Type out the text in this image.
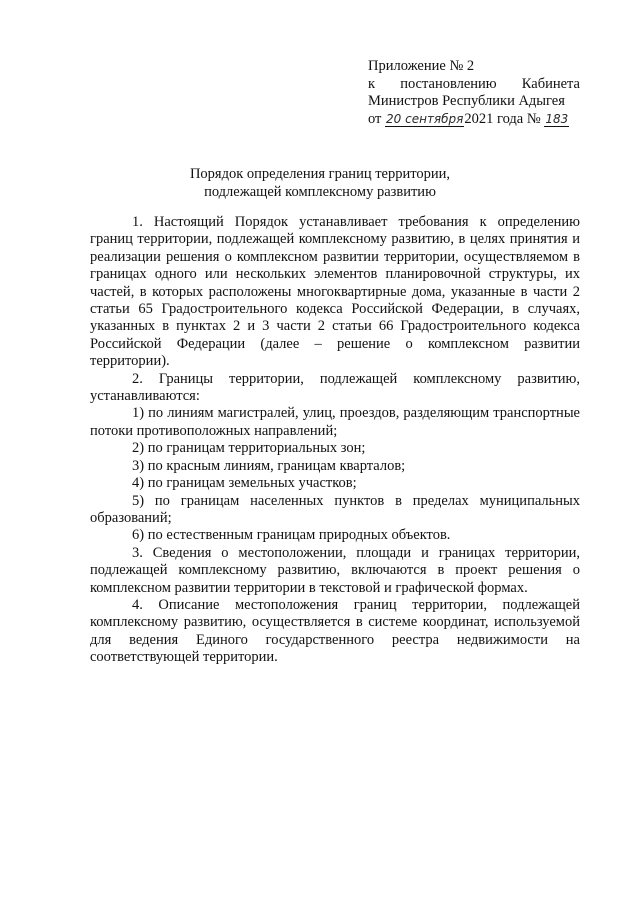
Приложение № 2
к постановлению Кабинета
Министров Республики Адыгея
от 20 сентября2021 года № 183
Порядок определения границ территории,
подлежащей комплексному развитию

1. Настоящий Порядок устанавливает требования к определению границ территории, подлежащей комплексному развитию, в целях принятия и реализации решения о комплексном развитии территории, осуществляемом в границах одного или нескольких элементов планировочной структуры, их частей, в которых расположены многоквартирные дома, указанные в части 2 статьи 65 Градостроительного кодекса Российской Федерации, в случаях, указанных в пунктах 2 и 3 части 2 статьи 66 Градостроительного кодекса Российской Федерации (далее – решение о комплексном развитии территории).

2. Границы территории, подлежащей комплексному развитию, устанавливаются:

1) по линиям магистралей, улиц, проездов, разделяющим транспортные потоки противоположных направлений;

2) по границам территориальных зон;

3) по красным линиям, границам кварталов;

4) по границам земельных участков;

5) по границам населенных пунктов в пределах муниципальных образований;

6) по естественным границам природных объектов.

3. Сведения о местоположении, площади и границах территории, подлежащей комплексному развитию, включаются в проект решения о комплексном развитии территории в текстовой и графической формах.

4. Описание местоположения границ территории, подлежащей комплексному развитию, осуществляется в системе координат, используемой для ведения Единого государственного реестра недвижимости на соответствующей территории.
